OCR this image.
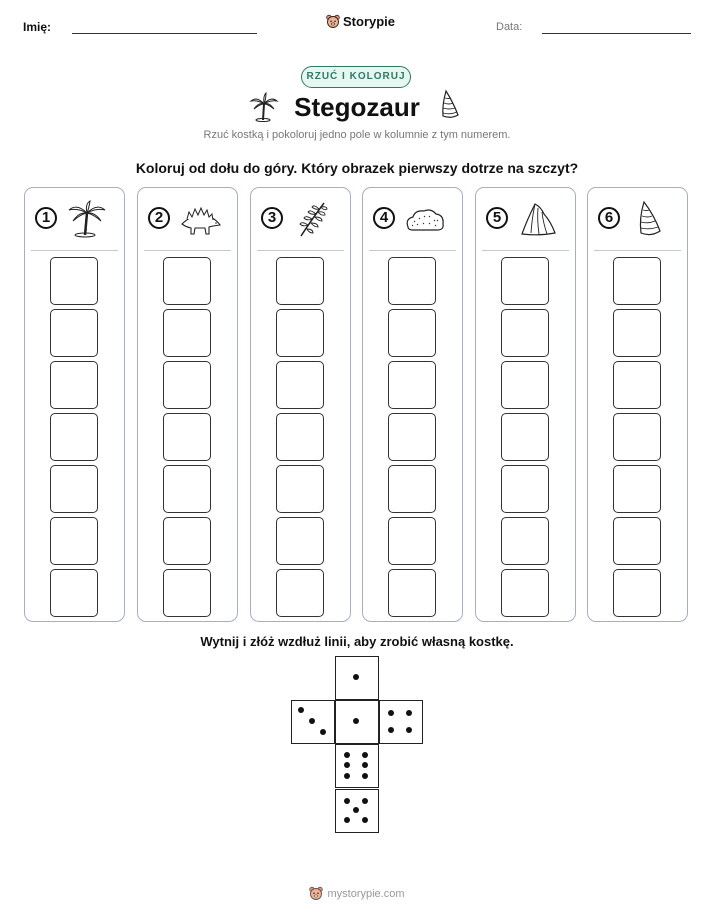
Imię:	Storypie	Data:
RZUĆ I KOLORUJ
Stegozaur
Rzuć kostką i pokoloruj jedno pole w kolumnie z tym numerem.
Koloruj od dołu do góry. Który obrazek pierwszy dotrze na szczyt?
1	2	3	4	5	6
Wytnij i złóż wzdłuż linii, aby zrobić własną kostkę.
mystorypie.com
